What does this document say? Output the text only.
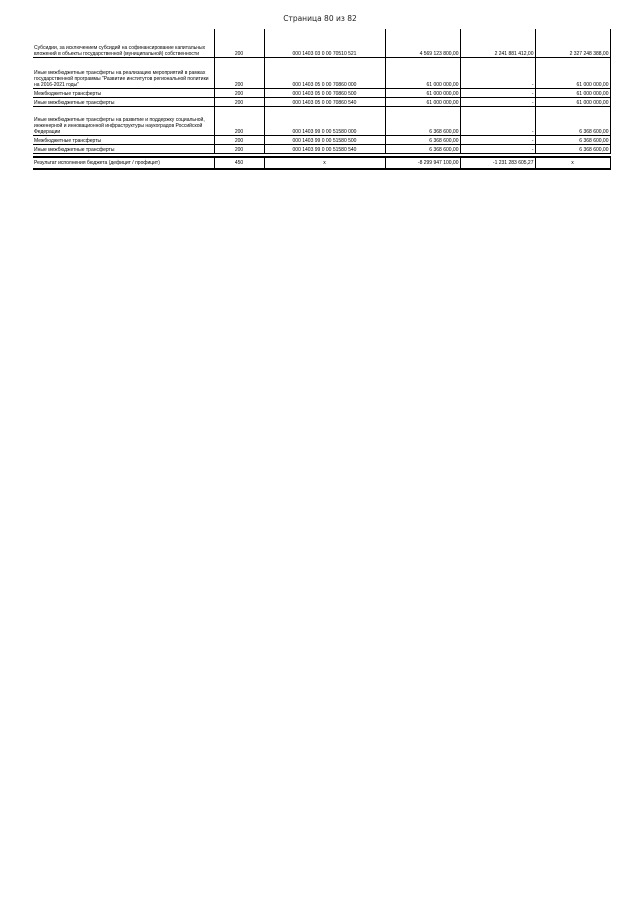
Страница 80 из 82
Субсидии, за исключением субсидий на софинансирование капитальных вложений в объекты государственной (муниципальной) собственности	200	000 1403 03 0 00 70510 521	4 569 123 800,00	2 241 881 412,00	2 327 248 388,00
Иные межбюджетные трансферты на реализацию мероприятий в рамках государственной программы "Развитие институтов региональной политики на 2016-2021 годы"	200	000 1403 05 0 00 70860 000	61 000 000,00	-	61 000 000,00
Межбюджетные трансферты	200	000 1403 05 0 00 70860 500	61 000 000,00	-	61 000 000,00
Иные межбюджетные трансферты	200	000 1403 05 0 00 70860 540	61 000 000,00	-	61 000 000,00
Иные межбюджетные трансферты на развитие и поддержку социальной, инженерной и инновационной инфраструктуры наукоградов Российской Федерации	200	000 1403 99 0 00 51580 000	6 368 600,00	-	6 368 600,00
Межбюджетные трансферты	200	000 1403 99 0 00 51580 500	6 368 600,00	-	6 368 600,00
Иные межбюджетные трансферты	200	000 1403 99 0 00 51580 540	6 368 600,00	-	6 368 600,00

Результат исполнения бюджета (дефицит / профицит)	450	x	-8 299 947 100,00	-1 231 283 605,27	x
